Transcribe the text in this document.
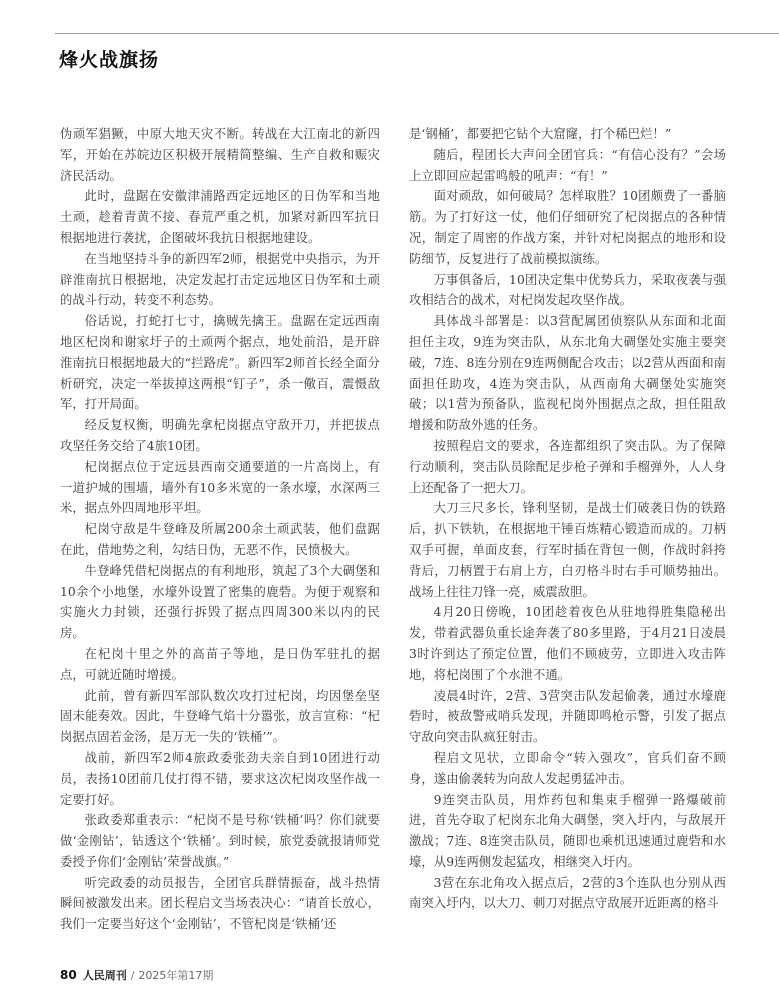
烽火战旗扬

伪顽军猖獗，中原大地天灾不断。转战在大江南北的新四军，开始在苏皖边区积极开展精简整编、生产自救和赈灾济民活动。

此时，盘踞在安徽津浦路西定远地区的日伪军和当地土顽，趁着青黄不接、春荒严重之机，加紧对新四军抗日根据地进行袭扰，企图破坏我抗日根据地建设。

在当地坚持斗争的新四军2师，根据党中央指示，为开辟淮南抗日根据地，决定发起打击定远地区日伪军和土顽的战斗行动，转变不利态势。

俗话说，打蛇打七寸，擒贼先擒王。盘踞在定远西南地区杞岗和谢家圩子的土顽两个据点，地处前沿，是开辟淮南抗日根据地最大的“拦路虎”。新四军2师首长经全面分析研究，决定一举拔掉这两根“钉子”，杀一儆百，震慑敌军，打开局面。

经反复权衡，明确先拿杞岗据点守敌开刀，并把拔点攻坚任务交给了4旅10团。

杞岗据点位于定远县西南交通要道的一片高岗上，有一道护城的围墙，墙外有10多米宽的一条水壕，水深两三米，据点外四周地形平坦。

杞岗守敌是牛登峰及所属200余土顽武装，他们盘踞在此，借地势之利，勾结日伪，无恶不作，民愤极大。

牛登峰凭借杞岗据点的有利地形，筑起了3个大碉堡和10余个小地堡，水壕外设置了密集的鹿砦。为便于观察和实施火力封锁，还强行拆毁了据点四周300米以内的民房。

在杞岗十里之外的高苗子等地，是日伪军驻扎的据点，可就近随时增援。

此前，曾有新四军部队数次攻打过杞岗，均因堡垒坚固未能奏效。因此，牛登峰气焰十分嚣张，放言宣称：“杞岗据点固若金汤，是万无一失的‘铁桶’”。

战前，新四军2师4旅政委张劲夫亲自到10团进行动员，表扬10团前几仗打得不错，要求这次杞岗攻坚作战一定要打好。

张政委郑重表示：“杞岗不是号称‘铁桶’吗？你们就要做‘金刚钻’，钻透这个‘铁桶’。到时候，旅党委就报请师党委授予你们‘金刚钻’荣誉战旗。”

听完政委的动员报告，全团官兵群情振奋，战斗热情瞬间被激发出来。团长程启文当场表决心：“请首长放心，我们一定要当好这个‘金刚钻’，不管杞岗是‘铁桶’还

是‘钢桶’，都要把它钻个大窟窿，打个稀巴烂！”

随后，程团长大声问全团官兵：“有信心没有？”会场上立即回应起雷鸣般的吼声：“有！”

面对顽敌，如何破局？怎样取胜？10团颇费了一番脑筋。为了打好这一仗，他们仔细研究了杞岗据点的各种情况，制定了周密的作战方案，并针对杞岗据点的地形和设防细节，反复进行了战前模拟演练。

万事俱备后，10团决定集中优势兵力，采取夜袭与强攻相结合的战术，对杞岗发起攻坚作战。

具体战斗部署是：以3营配属团侦察队从东面和北面担任主攻，9连为突击队，从东北角大碉堡处实施主要突破，7连、8连分别在9连两侧配合攻击；以2营从西面和南面担任助攻，4连为突击队，从西南角大碉堡处实施突破；以1营为预备队，监视杞岗外围据点之敌，担任阻敌增援和防敌外逃的任务。

按照程启文的要求，各连都组织了突击队。为了保障行动顺利，突击队员除配足步枪子弹和手榴弹外，人人身上还配备了一把大刀。

大刀三尺多长，锋利坚韧，是战士们破袭日伪的铁路后，扒下铁轨，在根据地干锤百炼精心锻造而成的。刀柄双手可握，单面皮套，行军时插在背包一侧，作战时斜挎背后，刀柄置于右肩上方，白刃格斗时右手可顺势抽出。战场上往往刀锋一亮，威震敌胆。

4月20日傍晚，10团趁着夜色从驻地得胜集隐秘出发，带着武器负重长途奔袭了80多里路，于4月21日凌晨3时许到达了预定位置，他们不顾疲劳，立即进入攻击阵地，将杞岗围了个水泄不通。

凌晨4时许，2营、3营突击队发起偷袭，通过水壕鹿砦时，被敌警戒哨兵发现，并随即鸣枪示警，引发了据点守敌向突击队疯狂射击。

程启文见状，立即命令“转入强攻”，官兵们奋不顾身，遂由偷袭转为向敌人发起勇猛冲击。

9连突击队员，用炸药包和集束手榴弹一路爆破前进，首先夺取了杞岗东北角大碉堡，突入圩内，与敌展开激战；7连、8连突击队员，随即也乘机迅速通过鹿砦和水壕，从9连两侧发起猛攻，相继突入圩内。

3营在东北角攻入据点后，2营的3个连队也分别从西南突入圩内，以大刀、刺刀对据点守敌展开近距离的格斗

80 人民周刊 / 2025年第17期
